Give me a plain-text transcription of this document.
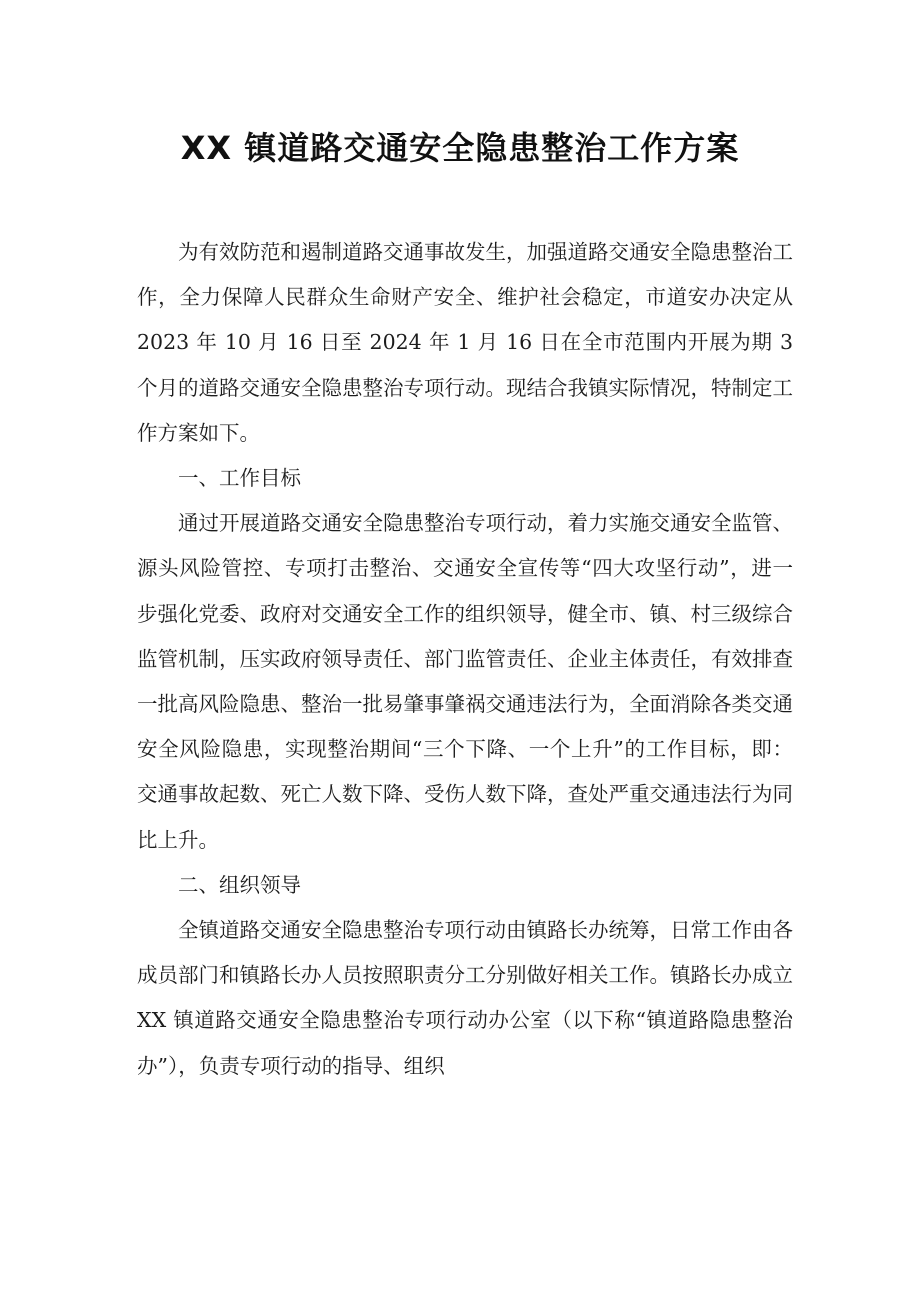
XX 镇道路交通安全隐患整治工作方案

为有效防范和遏制道路交通事故发生，加强道路交通安全隐患整治工作，全力保障人民群众生命财产安全、维护社会稳定，市道安办决定从 2023 年 10 月 16 日至 2024 年 1 月 16 日在全市范围内开展为期 3 个月的道路交通安全隐患整治专项行动。现结合我镇实际情况，特制定工作方案如下。

一、工作目标

通过开展道路交通安全隐患整治专项行动，着力实施交通安全监管、源头风险管控、专项打击整治、交通安全宣传等“四大攻坚行动”，进一步强化党委、政府对交通安全工作的组织领导，健全市、镇、村三级综合监管机制，压实政府领导责任、部门监管责任、企业主体责任，有效排查一批高风险隐患、整治一批易肇事肇祸交通违法行为，全面消除各类交通安全风险隐患，实现整治期间“三个下降、一个上升”的工作目标，即：交通事故起数、死亡人数下降、受伤人数下降，查处严重交通违法行为同比上升。

二、组织领导

全镇道路交通安全隐患整治专项行动由镇路长办统筹，日常工作由各成员部门和镇路长办人员按照职责分工分别做好相关工作。镇路长办成立 XX 镇道路交通安全隐患整治专项行动办公室（以下称“镇道路隐患整治办”），负责专项行动的指导、组织
